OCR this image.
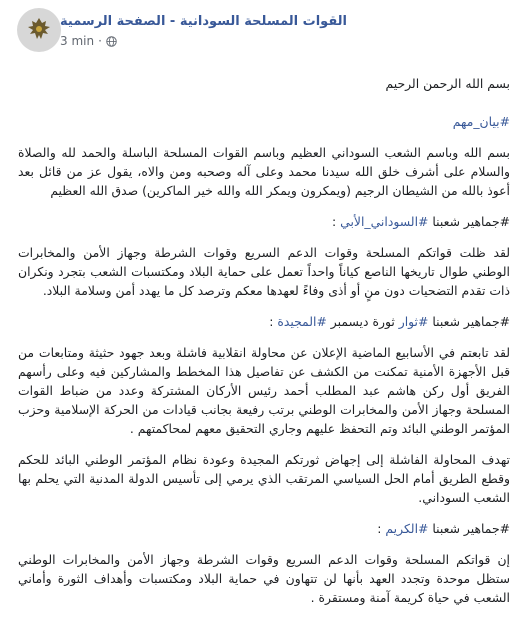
القوات المسلحة السودانية - الصفحة الرسمية
3 min ·

بسم الله الرحمن الرحيم

#بيان_مهم

بسم الله وباسم الشعب السوداني العظيم وباسم القوات المسلحة الباسلة والحمد لله والصلاة والسلام على أشرف خلق الله سيدنا محمد وعلى آله وصحبه ومن والاه، يقول عز من قائل بعد أعوذ بالله من الشيطان الرجيم (ويمكرون ويمكر الله والله خير الماكرين) صدق الله العظيم

#جماهير شعبنا #السوداني_الأبي :

لقد ظلت قواتكم المسلحة وقوات الدعم السريع وقوات الشرطة وجهاز الأمن والمخابرات الوطني طوال تاريخها الناصع كياناً واحداً تعمل على حماية البلاد ومكتسبات الشعب بتجرد ونكران ذات تقدم التضحيات دون منٍ أو أذى وفاءً لعهدها معكم وترصد كل ما يهدد أمن وسلامة البلاد.

#جماهير شعبنا #ثوار ثورة ديسمبر #المجيدة :

لقد تابعتم في الأسابيع الماضية الإعلان عن محاولة انقلابية فاشلة وبعد جهود حثيثة ومتابعات من قبل الأجهزة الأمنية تمكنت من الكشف عن تفاصيل هذا المخطط والمشاركين فيه وعلى رأسهم الفريق أول ركن هاشم عبد المطلب أحمد رئيس الأركان المشتركة وعدد من ضباط القوات المسلحة وجهاز الأمن والمخابرات الوطني برتب رفيعة بجانب قيادات من الحركة الإسلامية وحزب المؤتمر الوطني البائد وتم التحفظ عليهم وجاري التحقيق معهم لمحاكمتهم .

تهدف المحاولة الفاشلة إلى إجهاض ثورتكم المجيدة وعودة نظام المؤتمر الوطني البائد للحكم وقطع الطريق أمام الحل السياسي المرتقب الذي يرمي إلى تأسيس الدولة المدنية التي يحلم بها الشعب السوداني.

#جماهير شعبنا #الكريم :

إن قواتكم المسلحة وقوات الدعم السريع وقوات الشرطة وجهاز الأمن والمخابرات الوطني ستظل موحدة وتجدد العهد بأنها لن تتهاون في حماية البلاد ومكتسبات وأهداف الثورة وأماني الشعب في حياة كريمة آمنة ومستقرة .
